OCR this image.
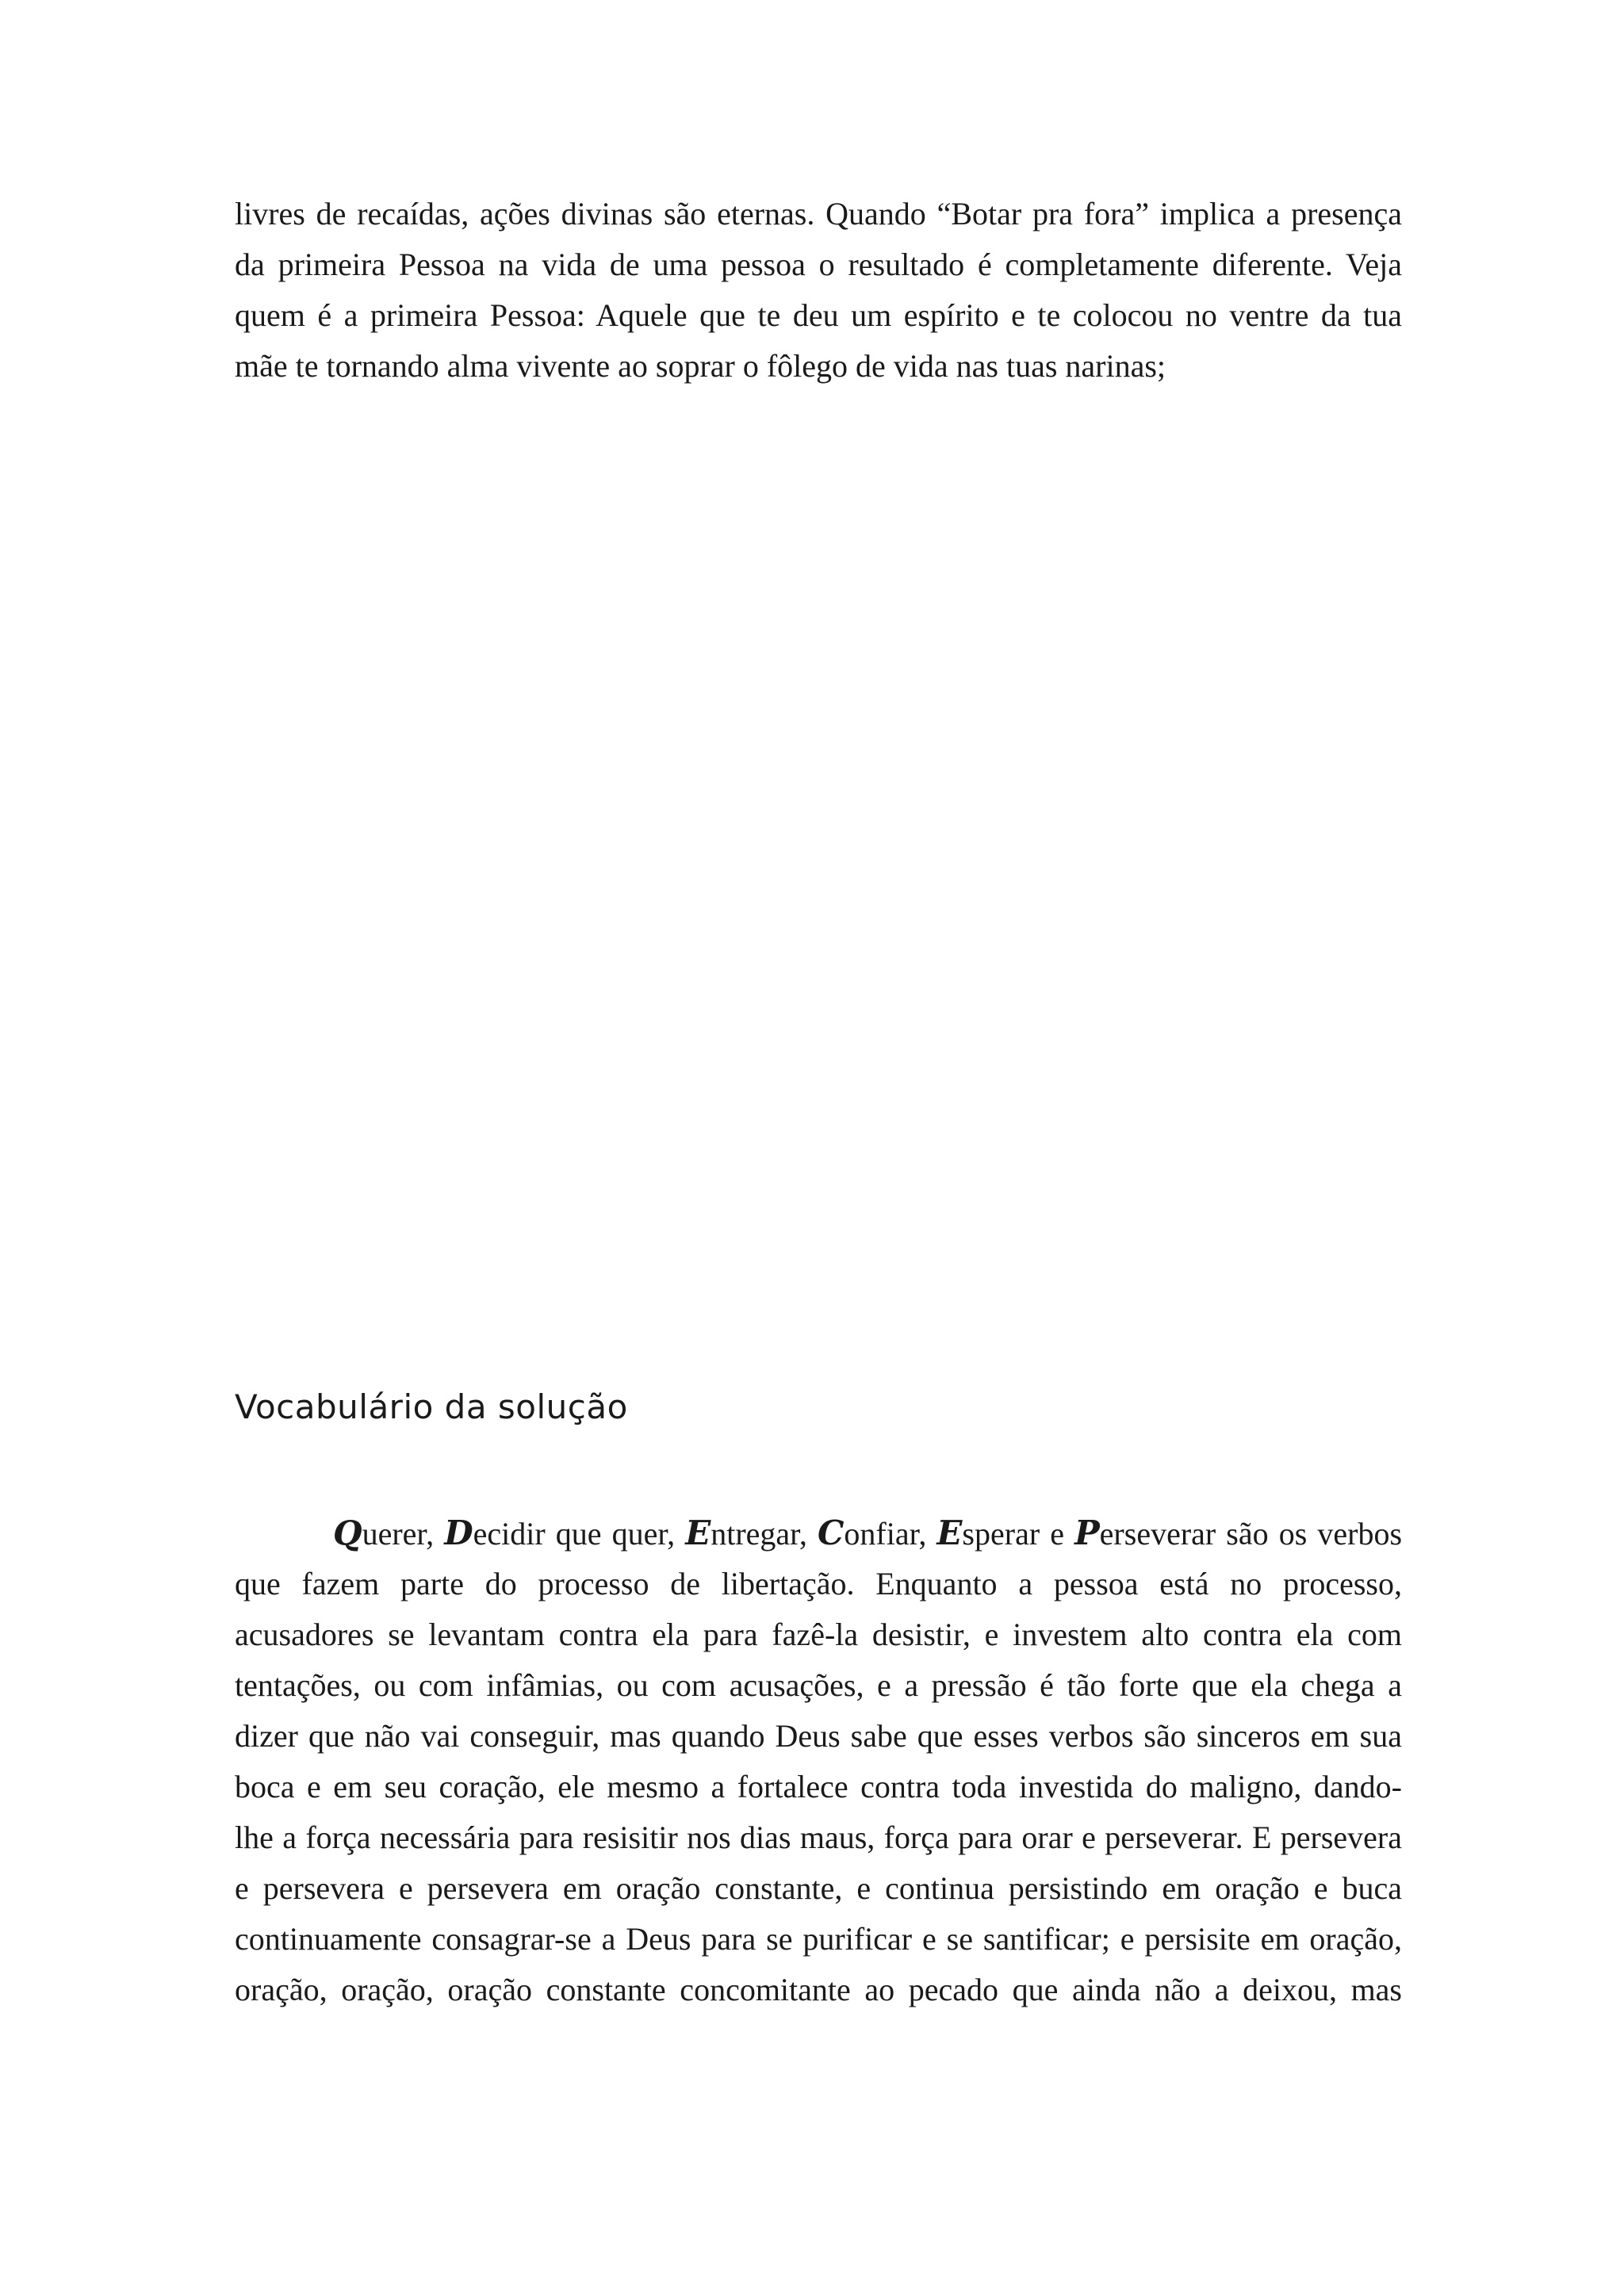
livres de recaídas, ações divinas são eternas. Quando “Botar pra fora” implica a presença
da primeira Pessoa na vida de uma pessoa o resultado é completamente diferente. Veja
quem é a primeira Pessoa: Aquele que te deu um espírito e te colocou no ventre da tua
mãe te tornando alma vivente ao soprar o fôlego de vida nas tuas narinas;
Vocabulário da solução
Querer, Decidir que quer, Entregar, Confiar, Esperar e Perseverar são os verbos
que fazem parte do processo de libertação. Enquanto a pessoa está no processo,
acusadores se levantam contra ela para fazê-la desistir, e investem alto contra ela com
tentações, ou com infâmias, ou com acusações, e a pressão é tão forte que ela chega a
dizer que não vai conseguir, mas quando Deus sabe que esses verbos são sinceros em sua
boca e em seu coração, ele mesmo a fortalece contra toda investida do maligno, dando-
lhe a força necessária para resisitir nos dias maus, força para orar e perseverar. E persevera
e persevera e persevera em oração constante, e continua persistindo em oração e buca
continuamente consagrar-se a Deus para se purificar e se santificar; e persisite em oração,
oração, oração, oração constante concomitante ao pecado que ainda não a deixou, mas
